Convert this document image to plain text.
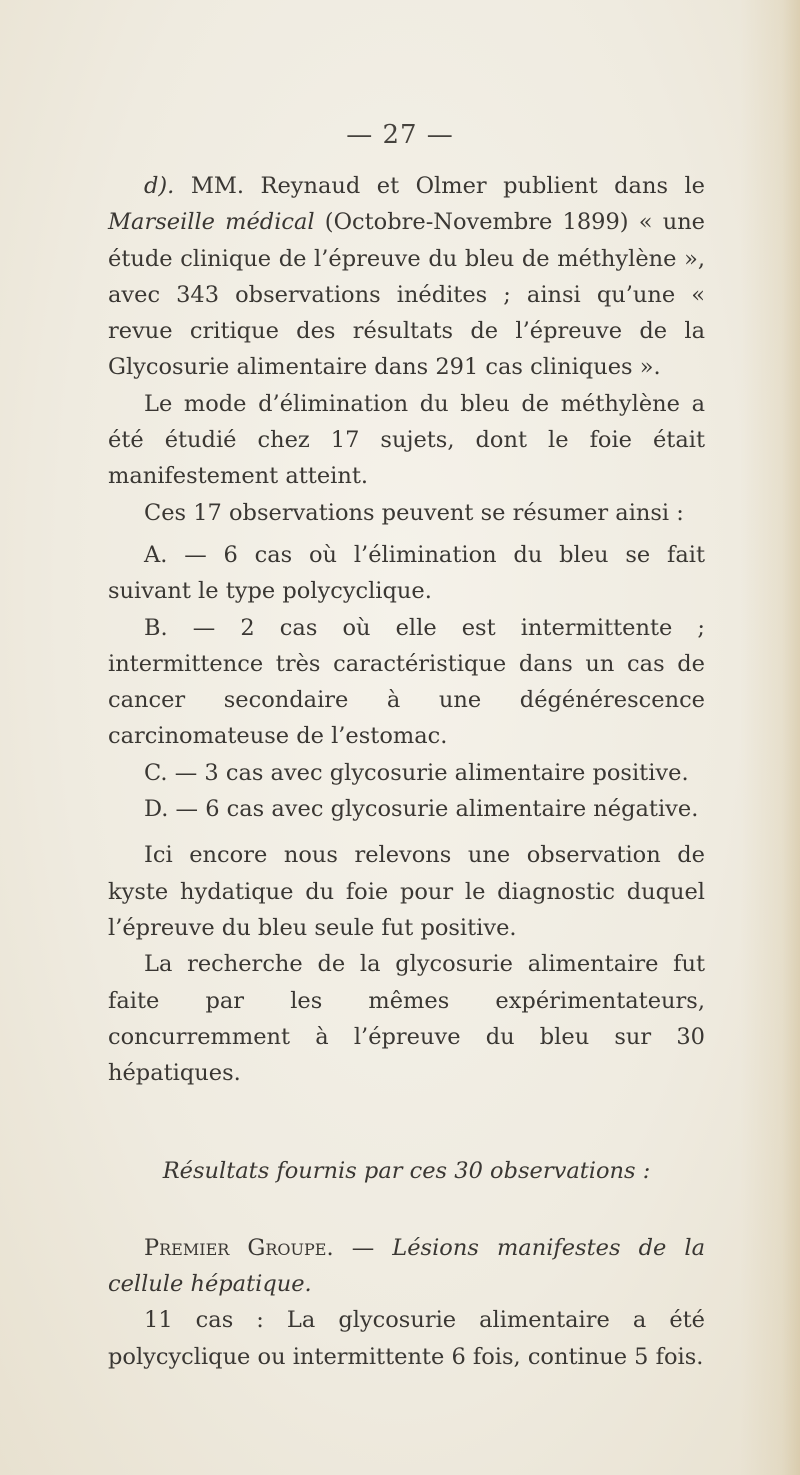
— 27 —

d). MM. Reynaud et Olmer publient dans le Marseille médical (Octobre-Novembre 1899) « une étude clinique de l’épreuve du bleu de méthylène », avec 343 observations inédites ; ainsi qu’une « revue critique des résultats de l’épreuve de la Glycosurie alimentaire dans 291 cas cliniques ».

Le mode d’élimination du bleu de méthylène a été étudié chez 17 sujets, dont le foie était manifestement atteint.

Ces 17 observations peuvent se résumer ainsi :

A. — 6 cas où l’élimination du bleu se fait suivant le type polycyclique.

B. — 2 cas où elle est intermittente ; intermittence très caractéristique dans un cas de cancer secondaire à une dégénérescence carcinomateuse de l’estomac.

C. — 3 cas avec glycosurie alimentaire positive.

D. — 6 cas avec glycosurie alimentaire négative.

Ici encore nous relevons une observation de kyste hydatique du foie pour le diagnostic duquel l’épreuve du bleu seule fut positive.

La recherche de la glycosurie alimentaire fut faite par les mêmes expérimentateurs, concurremment à l’épreuve du bleu sur 30 hépatiques.

Résultats fournis par ces 30 observations :

Premier Groupe. — Lésions manifestes de la cellule hépatique.

11 cas : La glycosurie alimentaire a été polycyclique ou intermittente 6 fois, continue 5 fois.
